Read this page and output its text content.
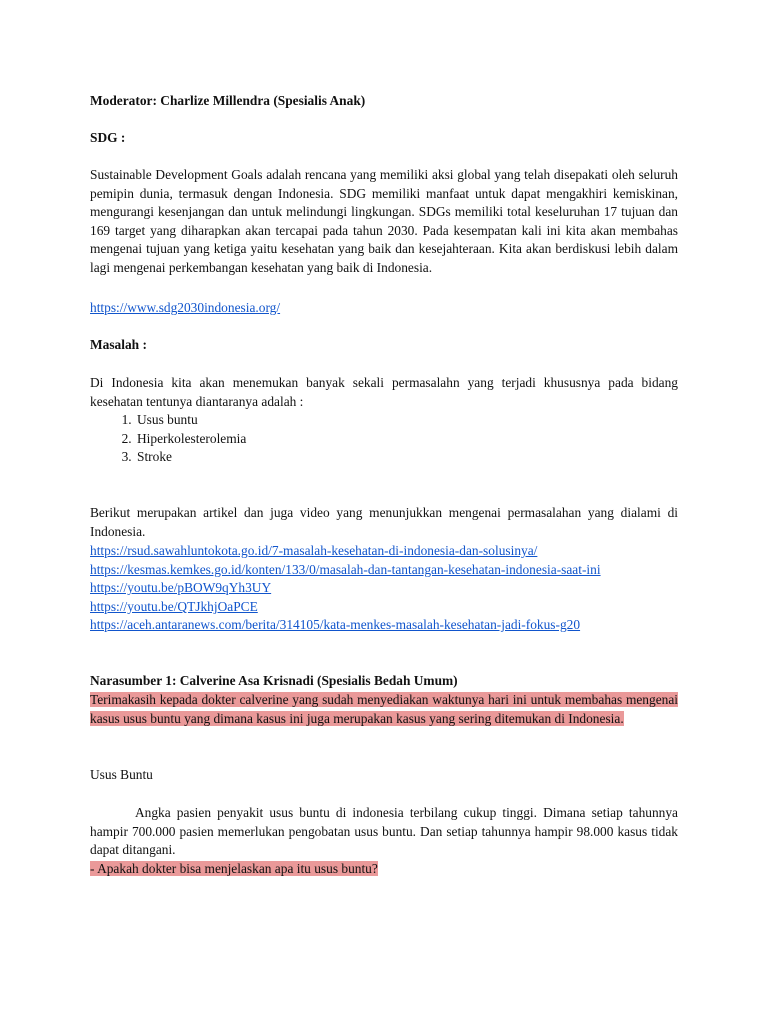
Moderator: Charlize Millendra (Spesialis Anak)

SDG :

Sustainable Development Goals adalah rencana yang memiliki aksi global yang telah disepakati oleh seluruh pemipin dunia, termasuk dengan Indonesia. SDG memiliki manfaat untuk dapat mengakhiri kemiskinan, mengurangi kesenjangan dan untuk melindungi lingkungan. SDGs memiliki total keseluruhan 17 tujuan dan 169 target yang diharapkan akan tercapai pada tahun 2030. Pada kesempatan kali ini kita akan membahas mengenai tujuan yang ketiga yaitu kesehatan yang baik dan kesejahteraan. Kita akan berdiskusi lebih dalam lagi mengenai perkembangan kesehatan yang baik di Indonesia.

https://www.sdg2030indonesia.org/

Masalah :

Di Indonesia kita akan menemukan banyak sekali permasalahn yang terjadi khususnya pada bidang kesehatan tentunya diantaranya adalah :

1. Usus buntu
2. Hiperkolesterolemia
3. Stroke

Berikut merupakan artikel dan juga video yang menunjukkan mengenai permasalahan yang dialami di Indonesia.

https://rsud.sawahluntokota.go.id/7-masalah-kesehatan-di-indonesia-dan-solusinya/
https://kesmas.kemkes.go.id/konten/133/0/masalah-dan-tantangan-kesehatan-indonesia-saat-ini
https://youtu.be/pBOW9qYh3UY
https://youtu.be/QTJkhjOaPCE
https://aceh.antaranews.com/berita/314105/kata-menkes-masalah-kesehatan-jadi-fokus-g20

Narasumber 1: Calverine Asa Krisnadi (Spesialis Bedah Umum)

Terimakasih kepada dokter calverine yang sudah menyediakan waktunya hari ini untuk membahas mengenai kasus usus buntu yang dimana kasus ini juga merupakan kasus yang sering ditemukan di Indonesia.

Usus Buntu

Angka pasien penyakit usus buntu di indonesia terbilang cukup tinggi. Dimana setiap tahunnya hampir 700.000 pasien memerlukan pengobatan usus buntu. Dan setiap tahunnya hampir 98.000 kasus tidak dapat ditangani.

- Apakah dokter bisa menjelaskan apa itu usus buntu?
